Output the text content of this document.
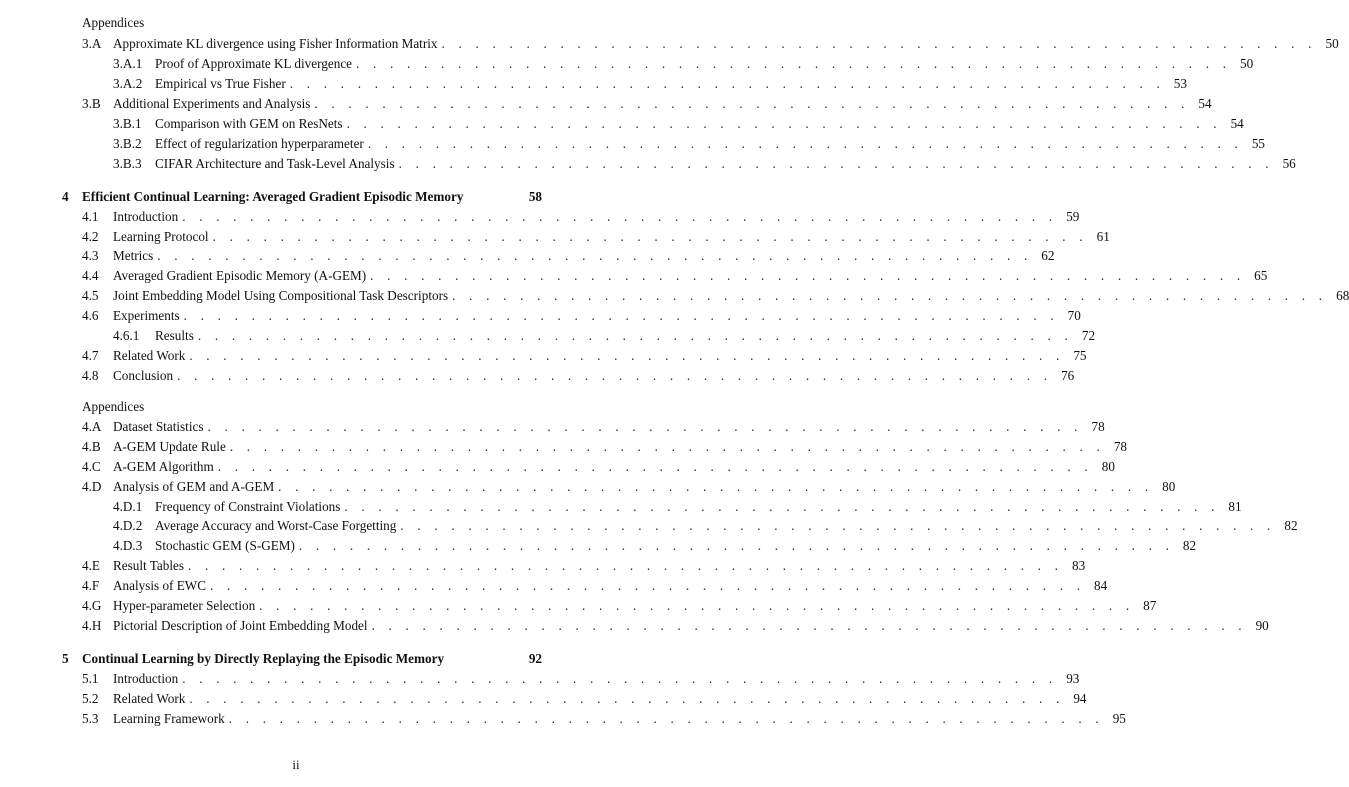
Appendices
3.A Approximate KL divergence using Fisher Information Matrix . . . . . . . . . . . . . . . . . . . . . . . . . . . . . . . . . . . . . . . . . . . . . . . . . . . . 50
3.A.1 Proof of Approximate KL divergence . . . . . . . . . . . . . . . . . . . . . . . . . . . . . . . . . . . . . . . . . . . . . . . . . . . . 50
3.A.2 Empirical vs True Fisher . . . . . . . . . . . . . . . . . . . . . . . . . . . . . . . . . . . . . . . . . . . . . . . . . . . . 53
3.B Additional Experiments and Analysis . . . . . . . . . . . . . . . . . . . . . . . . . . . . . . . . . . . . . . . . . . . . . . . . . . . . 54
3.B.1	Comparison with GEM on ResNets . . . . . . . . . . . . . . . . . . . . . . . . . . . . . . . . . . . . . . . . . . . . . . . . . . . . 54
3.B.2	Effect of regularization hyperparameter . . . . . . . . . . . . . . . . . . . . . . . . . . . . . . . . . . . . . . . . . . . . . . . . . . . . 55
3.B.3	CIFAR Architecture and Task-Level Analysis . . . . . . . . . . . . . . . . . . . . . . . . . . . . . . . . . . . . . . . . . . . . . . . . . . . . 56
4	Efficient Continual Learning: Averaged Gradient Episodic Memory	58
4.1	Introduction . . . . . . . . . . . . . . . . . . . . . . . . . . . . . . . . . . . . . . . . . . . . . . . . . . . . 59
4.2	Learning Protocol . . . . . . . . . . . . . . . . . . . . . . . . . . . . . . . . . . . . . . . . . . . . . . . . . . . . 61
4.3	Metrics . . . . . . . . . . . . . . . . . . . . . . . . . . . . . . . . . . . . . . . . . . . . . . . . . . . . 62
4.4	Averaged Gradient Episodic Memory (A-GEM) . . . . . . . . . . . . . . . . . . . . . . . . . . . . . . . . . . . . . . . . . . . . . . . . . . . . 65
4.5	Joint Embedding Model Using Compositional Task Descriptors . . . . . . . . . . . . . . . . . . . . . . . . . . . . . . . . . . . . . . . . . . . . . . . . . . . . 68
4.6	Experiments . . . . . . . . . . . . . . . . . . . . . . . . . . . . . . . . . . . . . . . . . . . . . . . . . . . . 70
4.6.1	Results . . . . . . . . . . . . . . . . . . . . . . . . . . . . . . . . . . . . . . . . . . . . . . . . . . . . 72
4.7	Related Work . . . . . . . . . . . . . . . . . . . . . . . . . . . . . . . . . . . . . . . . . . . . . . . . . . . . 75
4.8	Conclusion . . . . . . . . . . . . . . . . . . . . . . . . . . . . . . . . . . . . . . . . . . . . . . . . . . . . 76
Appendices
4.A Dataset Statistics . . . . . . . . . . . . . . . . . . . . . . . . . . . . . . . . . . . . . . . . . . . . . . . . . . . . 78
4.B A-GEM Update Rule . . . . . . . . . . . . . . . . . . . . . . . . . . . . . . . . . . . . . . . . . . . . . . . . . . . . 78
4.C A-GEM Algorithm . . . . . . . . . . . . . . . . . . . . . . . . . . . . . . . . . . . . . . . . . . . . . . . . . . . . 80
4.D Analysis of GEM and A-GEM . . . . . . . . . . . . . . . . . . . . . . . . . . . . . . . . . . . . . . . . . . . . . . . . . . . . 80
4.D.1 Frequency of Constraint Violations . . . . . . . . . . . . . . . . . . . . . . . . . . . . . . . . . . . . . . . . . . . . . . . . . . . . 81
4.D.2 Average Accuracy and Worst-Case Forgetting . . . . . . . . . . . . . . . . . . . . . . . . . . . . . . . . . . . . . . . . . . . . . . . . . . . . 82
4.D.3 Stochastic GEM (S-GEM) . . . . . . . . . . . . . . . . . . . . . . . . . . . . . . . . . . . . . . . . . . . . . . . . . . . . 82
4.E Result Tables . . . . . . . . . . . . . . . . . . . . . . . . . . . . . . . . . . . . . . . . . . . . . . . . . . . . 83
4.F	Analysis of EWC . . . . . . . . . . . . . . . . . . . . . . . . . . . . . . . . . . . . . . . . . . . . . . . . . . . . 84
4.G Hyper-parameter Selection . . . . . . . . . . . . . . . . . . . . . . . . . . . . . . . . . . . . . . . . . . . . . . . . . . . . 87
4.H Pictorial Description of Joint Embedding Model . . . . . . . . . . . . . . . . . . . . . . . . . . . . . . . . . . . . . . . . . . . . . . . . . . . . 90
5	Continual Learning by Directly Replaying the Episodic Memory	92
5.1	Introduction . . . . . . . . . . . . . . . . . . . . . . . . . . . . . . . . . . . . . . . . . . . . . . . . . . . . 93
5.2	Related Work . . . . . . . . . . . . . . . . . . . . . . . . . . . . . . . . . . . . . . . . . . . . . . . . . . . . 94
5.3	Learning Framework . . . . . . . . . . . . . . . . . . . . . . . . . . . . . . . . . . . . . . . . . . . . . . . . . . . . 95
ii
